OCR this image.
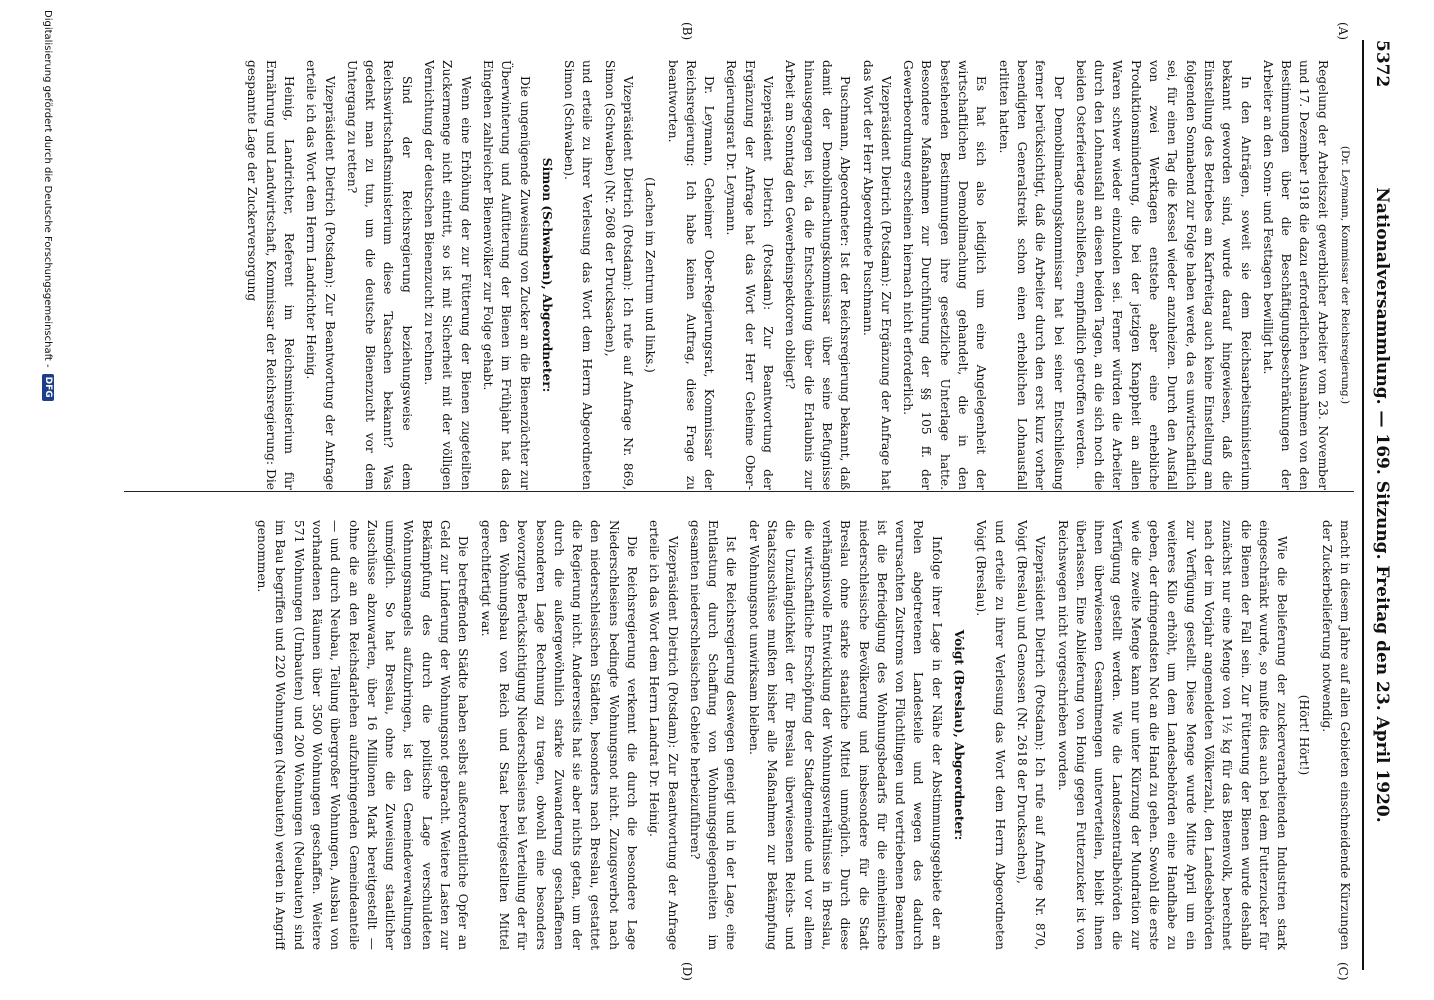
5372
Nationalversammlung. — 169. Sitzung. Freitag den 23. April 1920.
(A)
(B)
(C)
(D)

(Dr. Leymann, Kommissar der Reichsregierung.)

Regelung der Arbeitszeit gewerblicher Arbeiter vom 23. November und 17. Dezember 1918 die dazu erforderlichen Ausnahmen von den Bestimmungen über die Beschäftigungsbeschränkungen der Arbeiter an den Sonn- und Festtagen bewilligt hat.

In den Anträgen, soweit sie dem Reichsarbeitsministerium bekannt geworden sind, wurde darauf hingewiesen, daß die Einstellung des Betriebes am Karfreitag auch keine Einstellung am folgenden Sonnabend zur Folge haben werde, da es unwirtschaftlich sei, für einen Tag die Kessel wieder anzuheizen. Durch den Ausfall von zwei Werktagen entstehe aber eine erhebliche Produktionsminderung, die bei der jetzigen Knappheit an allen Waren schwer wieder einzuholen sei. Ferner würden die Arbeiter durch den Lohnausfall an diesen beiden Tagen, an die sich noch die beiden Osterfeiertage anschließen, empfindlich getroffen werden.

Der Demobilmachungskommissar hat bei seiner Entschließung ferner berücksichtigt, daß die Arbeiter durch den erst kurz vorher beendigten Generalstreik schon einen erheblichen Lohnausfall erlitten hatten.

Es hat sich also lediglich um eine Angelegenheit der wirtschaftlichen Demobilmachung gehandelt, die in den bestehenden Bestimmungen ihre gesetzliche Unterlage hatte. Besondere Maßnahmen zur Durchführung der §§ 105 ff. der Gewerbeordnung erscheinen hiernach nicht erforderlich.

Vizepräsident Dietrich (Potsdam): Zur Ergänzung der Anfrage hat das Wort der Herr Abgeordnete Puschmann.

Puschmann, Abgeordneter: Ist der Reichsregierung bekannt, daß damit der Demobilmachungskommissar über seine Befugnisse hinausgegangen ist, da die Entscheidung über die Erlaubnis zur Arbeit am Sonntag den Gewerbeinspektoren obliegt?

Vizepräsident Dietrich (Potsdam): Zur Beantwortung der Ergänzung der Anfrage hat das Wort der Herr Geheime Ober-Regierungsrat Dr. Leymann.

Dr. Leymann, Geheimer Ober-Regierungsrat, Kommissar der Reichsregierung: Ich habe keinen Auftrag, diese Frage zu beantworten.

(Lachen im Zentrum und links.)

Vizepräsident Dietrich (Potsdam): Ich rufe auf Anfrage Nr. 869, Simon (Schwaben) (Nr. 2608 der Drucksachen),

und erteile zu ihrer Verlesung das Wort dem Herrn Abgeordneten Simon (Schwaben).

Simon (Schwaben), Abgeordneter:

Die ungenügende Zuweisung von Zucker an die Bienenzüchter zur Überwinterung und Aufütterung der Bienen im Frühjahr hat das Eingehen zahlreicher Bienenvölker zur Folge gehabt.

Wenn eine Erhöhung der zur Fütterung der Bienen zugeteilten Zuckermenge nicht eintritt, so ist mit Sicherheit mit der völligen Vernichtung der deutschen Bienenzucht zu rechnen.

Sind der Reichsregierung beziehungsweise dem Reichswirtschaftsministerium diese Tatsachen bekannt? Was gedenkt man zu tun, um die deutsche Bienenzucht vor dem Untergang zu retten?

Vizepräsident Dietrich (Potsdam): Zur Beantwortung der Anfrage erteile ich das Wort dem Herrn Landrichter Heinig.

Heinig, Landrichter, Referent im Reichsministerium für Ernährung und Landwirtschaft, Kommissar der Reichsregierung: Die gespannte Lage der Zuckerversorgung

macht in diesem Jahre auf allen Gebieten einschneidende Kürzungen der Zuckerbelieferung notwendig.

(Hört! Hört!)

Wie die Belieferung der zuckerverarbeitenden Industrien stark eingeschränkt wurde, so mußte dies auch bei dem Futterzucker für die Bienen der Fall sein. Zur Fütterung der Bienen wurde deshalb zunächst nur eine Menge von 1½ kg für das Bienenvolk, berechnet nach der im Vorjahr angemeldeten Völkerzahl, den Landesbehörden zur Verfügung gestellt. Diese Menge wurde Mitte April um ein weiteres Kilo erhöht, um dem Landesbehörden eine Handhabe zu geben, der dringendsten Not an die Hand zu gehen. Sowohl die erste wie die zweite Menge kann nur unter Kürzung der Mundration zur Verfügung gestellt werden. Wie die Landeszentralbehörden die ihnen überwiesenen Gesamtmengen unterverteilen, bleibt ihnen überlassen. Eine Ablieferung von Honig gegen Futterzucker ist von Reichswegen nicht vorgeschrieben worden.

Vizepräsident Dietrich (Potsdam): Ich rufe auf Anfrage Nr. 870, Voigt (Breslau) und Genossen (Nr. 2618 der Drucksachen),

und erteile zu ihrer Verlesung das Wort dem Herrn Abgeordneten Voigt (Breslau).

Voigt (Breslau), Abgeordneter:

Infolge ihrer Lage in der Nähe der Abstimmungsgebiete der an Polen abgetretenen Landesteile und wegen des dadurch verursachten Zustroms von Flüchtlingen und vertriebenen Beamten ist die Befriedigung des Wohnungsbedarfs für die einheimische niederschlesische Bevölkerung und insbesondere für die Stadt Breslau ohne starke staatliche Mittel unmöglich. Durch diese verhängnisvolle Entwicklung der Wohnungsverhältnisse in Breslau, die wirtschaftliche Erschöpfung der Stadtgemeinde und vor allem die Unzulänglichkeit der für Breslau überwiesenen Reichs- und Staatszuschüsse mußten bisher alle Maßnahmen zur Bekämpfung der Wohnungsnot unwirksam bleiben.

Ist die Reichsregierung deswegen geneigt und in der Lage, eine Entlastung durch Schaffung von Wohnungsgelegenheiten im gesamten niederschlesischen Gebiete herbeizuführen?

Vizepräsident Dietrich (Potsdam): Zur Beantwortung der Anfrage erteile ich das Wort dem Herrn Landrat Dr. Heinig.

Die Reichsregierung verkennt die durch die besondere Lage Niederschlesiens bedingte Wohnungsnot nicht. Zuzugsverbot nach den niederschlesischen Städten, besonders nach Breslau, gestattet die Regierung nicht. Andererseits hat sie aber nichts getan, um der durch die außergewöhnlich starke Zuwanderung geschaffenen besonderen Lage Rechnung zu tragen, obwohl eine besonders bevorzugte Berücksichtigung Niederschlesiens bei Verteilung der für den Wohnungsbau von Reich und Staat bereitgestellten Mittel gerechtfertigt war.

Die betreffenden Städte haben selbst außerordentliche Opfer an Geld zur Linderung der Wohnungsnot gebracht. Weitere Lasten zur Bekämpfung des durch die politische Lage verschuldeten Wohnungsmangels aufzubringen, ist den Gemeindeverwaltungen unmöglich. So hat Breslau, ohne die Zuweisung staatlicher Zuschüsse abzuwarten, über 16 Millionen Mark bereitgestellt — ohne die an den Reichsdarlehen aufzubringenden Gemeindeanteile — und durch Neubau, Teilung übergroßer Wohnungen, Ausbau von vorhandenen Räumen über 3500 Wohnungen geschaffen. Weitere 571 Wohnungen (Umbauten) und 200 Wohnungen (Neubauten) sind im Bau begriffen und 220 Wohnungen (Neubauten) werden in Angriff genommen.

Digitalisierung gefördert durch die Deutsche Forschungsgemeinschaft -
DFG
